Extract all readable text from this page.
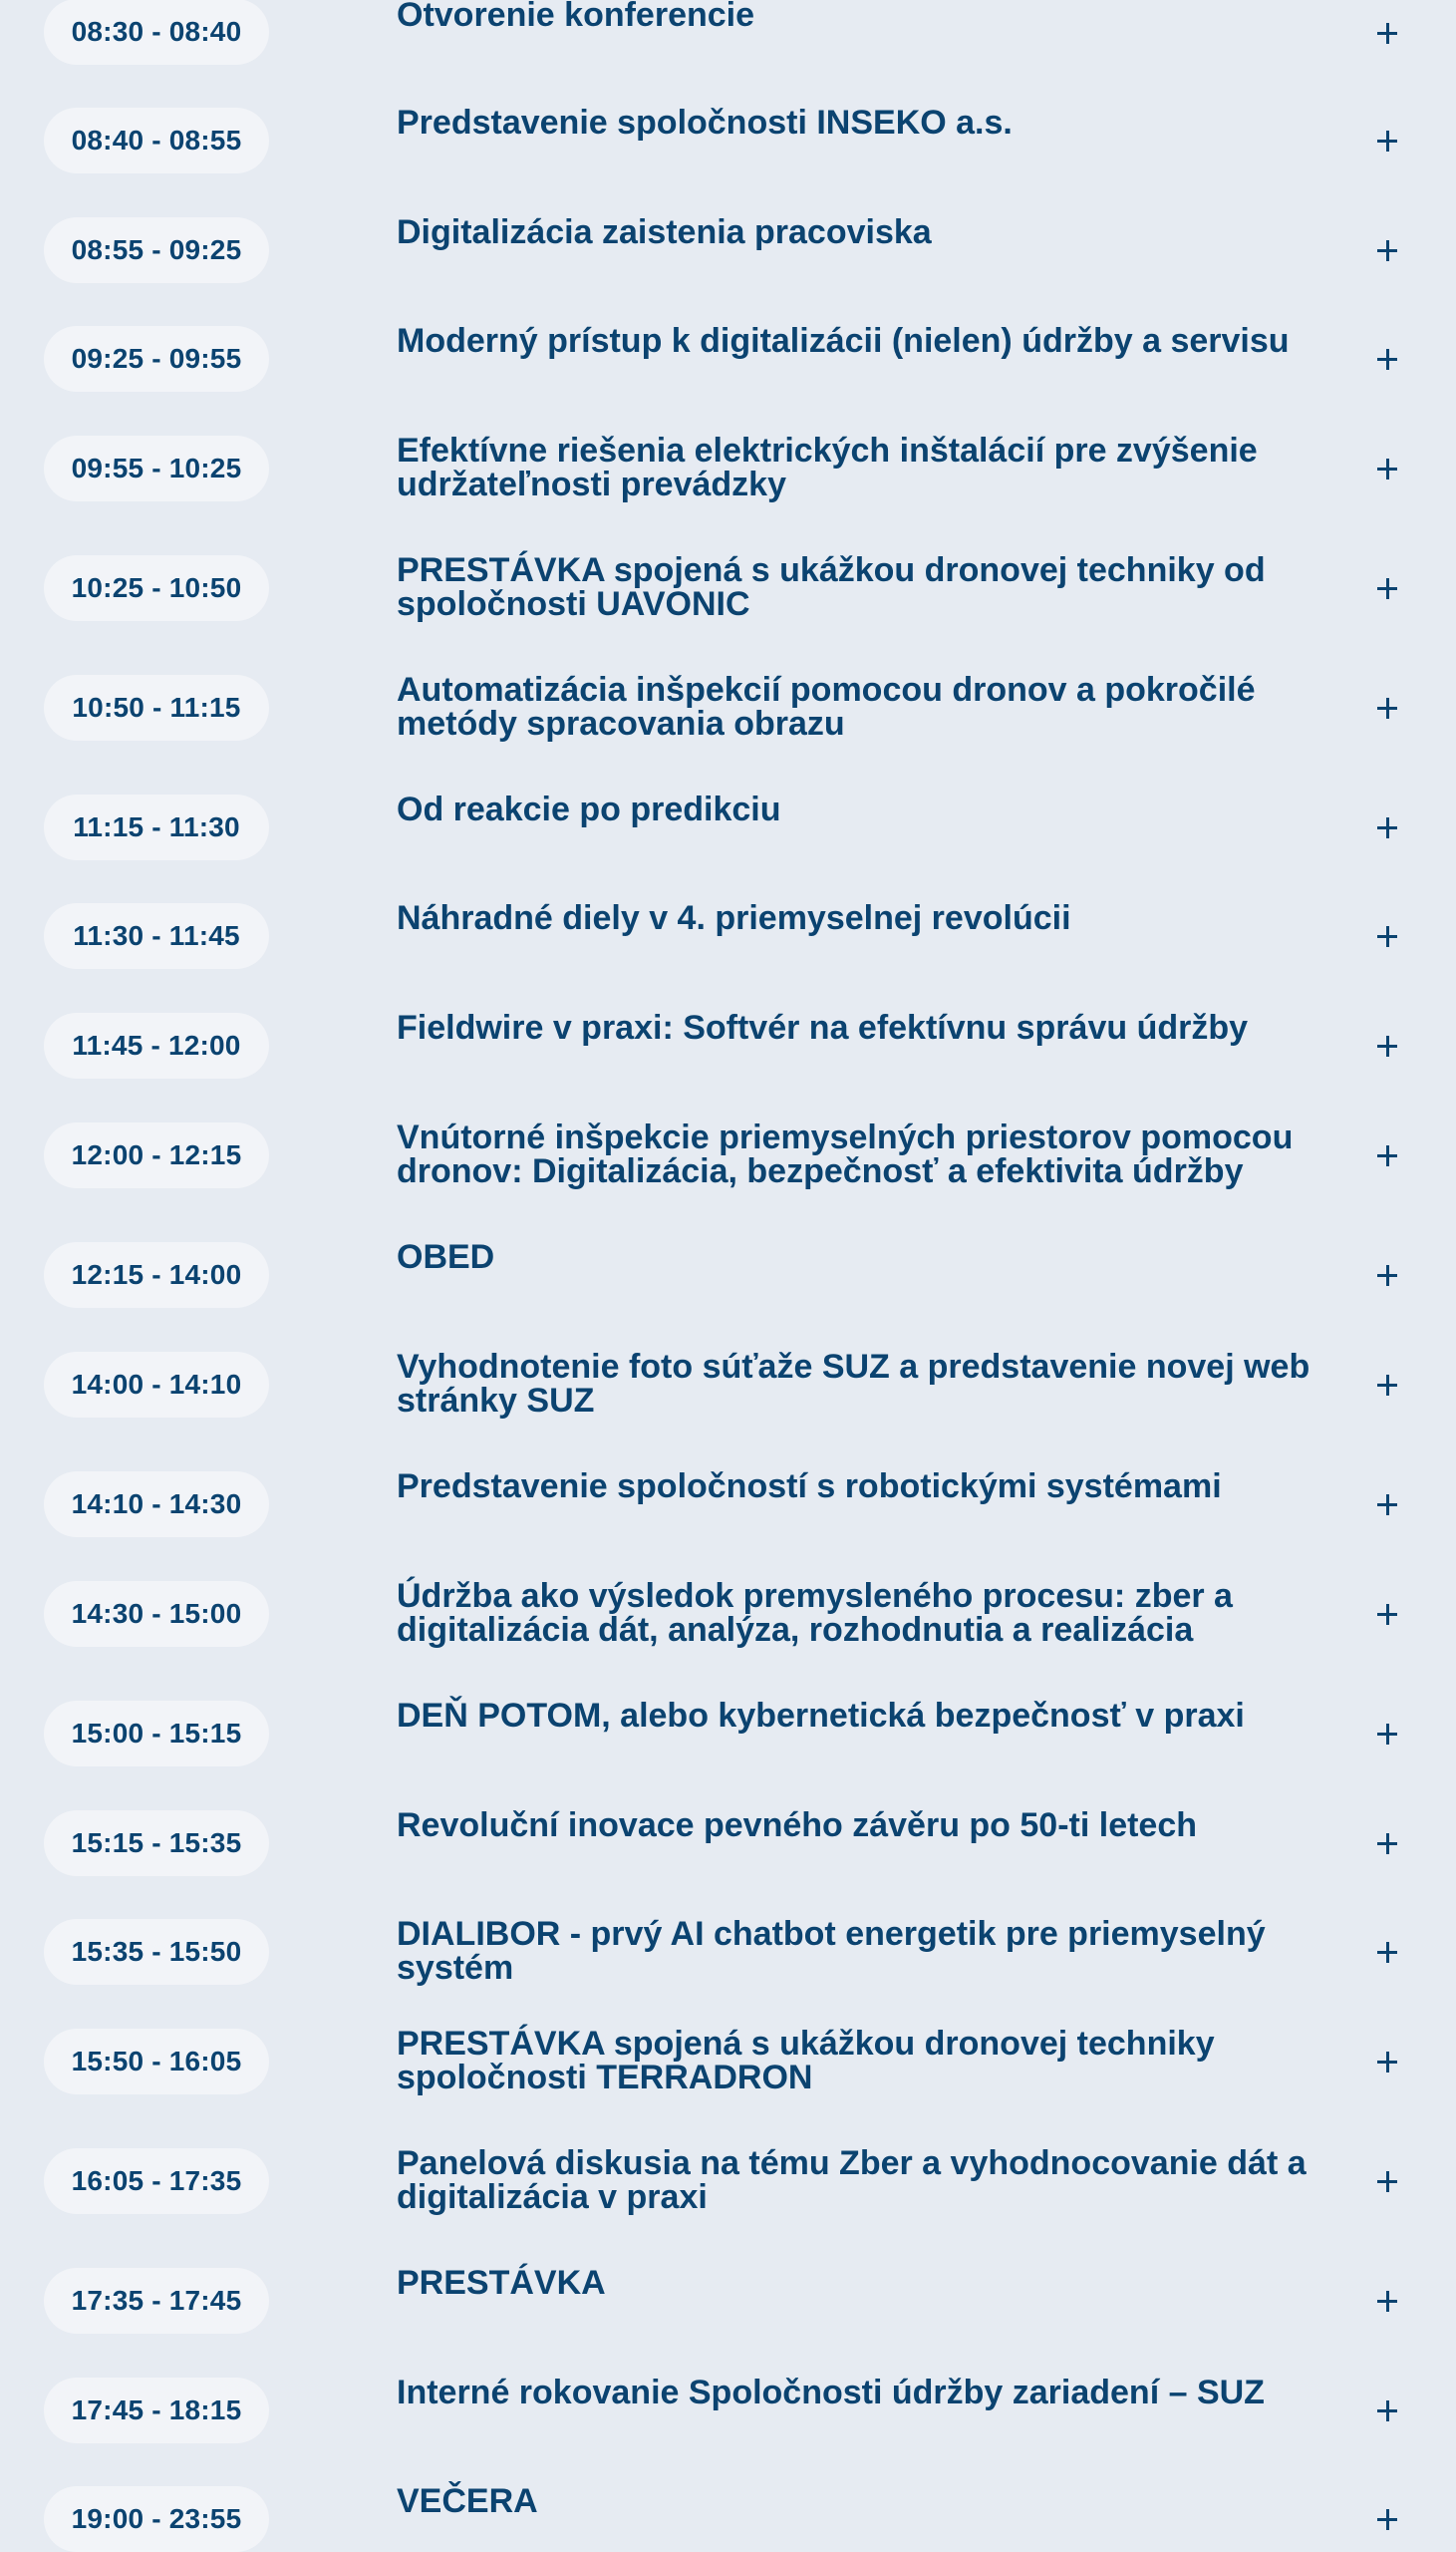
08:30 - 08:40	Otvorenie konferencie
08:40 - 08:55	Predstavenie spoločnosti INSEKO a.s.
08:55 - 09:25	Digitalizácia zaistenia pracoviska
09:25 - 09:55	Moderný prístup k digitalizácii (nielen) údržby a servisu
09:55 - 10:25	Efektívne riešenia elektrických inštalácií pre zvýšenie udržateľnosti prevádzky
10:25 - 10:50	PRESTÁVKA spojená s ukážkou dronovej techniky od spoločnosti UAVONIC
10:50 - 11:15	Automatizácia inšpekcií pomocou dronov a pokročilé metódy spracovania obrazu
11:15 - 11:30	Od reakcie po predikciu
11:30 - 11:45	Náhradné diely v 4. priemyselnej revolúcii
11:45 - 12:00	Fieldwire v praxi: Softvér na efektívnu správu údržby
12:00 - 12:15	Vnútorné inšpekcie priemyselných priestorov pomocou dronov: Digitalizácia, bezpečnosť a efektivita údržby
12:15 - 14:00	OBED
14:00 - 14:10	Vyhodnotenie foto súťaže SUZ a predstavenie novej web stránky SUZ
14:10 - 14:30	Predstavenie spoločností s robotickými systémami
14:30 - 15:00	Údržba ako výsledok premysleného procesu: zber a digitalizácia dát, analýza, rozhodnutia a realizácia
15:00 - 15:15	DEŇ POTOM, alebo kybernetická bezpečnosť v praxi
15:15 - 15:35	Revoluční inovace pevného závěru po 50-ti letech
15:35 - 15:50	DIALIBOR - prvý AI chatbot energetik pre priemyselný systém
15:50 - 16:05	PRESTÁVKA spojená s ukážkou dronovej techniky spoločnosti TERRADRON
16:05 - 17:35	Panelová diskusia na tému Zber a vyhodnocovanie dát a digitalizácia v praxi
17:35 - 17:45	PRESTÁVKA
17:45 - 18:15	Interné rokovanie Spoločnosti údržby zariadení – SUZ
19:00 - 23:55	VEČERA
